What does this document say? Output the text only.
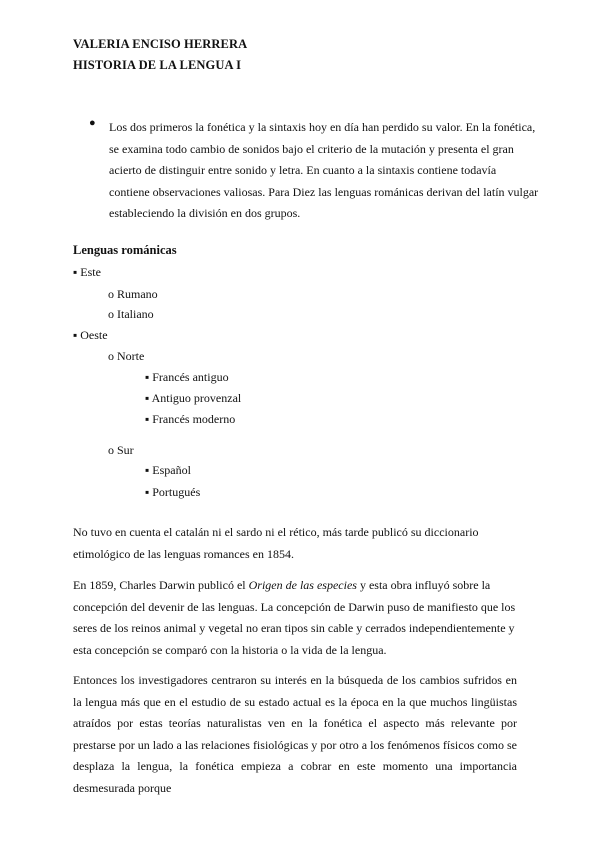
VALERIA ENCISO HERRERA
HISTORIA DE LA LENGUA I
● Los dos primeros la fonética y la sintaxis hoy en día han perdido su valor. En la fonética, se examina todo cambio de sonidos bajo el criterio de la mutación y presenta el gran acierto de distinguir entre sonido y letra. En cuanto a la sintaxis contiene todavía contiene observaciones valiosas. Para Diez las lenguas románicas derivan del latín vulgar estableciendo la división en dos grupos.
Lenguas románicas
▪ Este
o Rumano
o Italiano
▪ Oeste
o Norte
▪ Francés antiguo
▪ Antiguo provenzal
▪ Francés moderno
o Sur
▪ Español
▪ Portugués
No tuvo en cuenta el catalán ni el sardo ni el rético, más tarde publicó su diccionario etimológico de las lenguas romances en 1854.
En 1859, Charles Darwin publicó el Origen de las especies y esta obra influyó sobre la concepción del devenir de las lenguas. La concepción de Darwin puso de manifiesto que los seres de los reinos animal y vegetal no eran tipos sin cable y cerrados independientemente y esta concepción se comparó con la historia o la vida de la lengua.
Entonces los investigadores centraron su interés en la búsqueda de los cambios sufridos en la lengua más que en el estudio de su estado actual es la época en la que muchos lingüistas atraídos por estas teorías naturalistas ven en la fonética el aspecto más relevante por prestarse por un lado a las relaciones fisiológicas y por otro a los fenómenos físicos como se desplaza la lengua, la fonética empieza a cobrar en este momento una importancia desmesurada porque
